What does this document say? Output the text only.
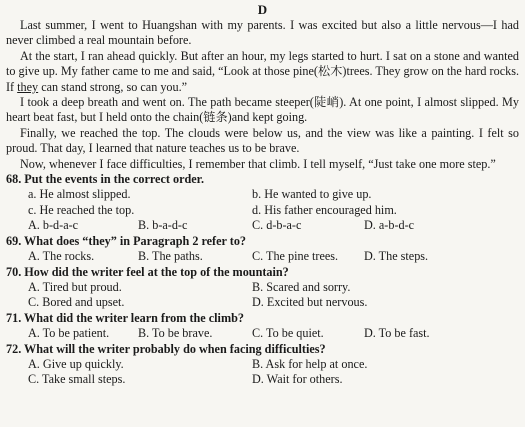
D

Last summer, I went to Huangshan with my parents. I was excited but also a little nervous—I had never climbed a real mountain before.

At the start, I ran ahead quickly. But after an hour, my legs started to hurt. I sat on a stone and wanted to give up. My father came to me and said, “Look at those pine(松木)trees. They grow on the hard rocks. If they can stand strong, so can you.”

I took a deep breath and went on. The path became steeper(陡峭). At one point, I almost slipped. My heart beat fast, but I held onto the chain(链条)and kept going.

Finally, we reached the top. The clouds were below us, and the view was like a painting. I felt so proud. That day, I learned that nature teaches us to be brave.

Now, whenever I face difficulties, I remember that climb. I tell myself, “Just take one more step.”

68. Put the events in the correct order.

a. He almost slipped.	b. He wanted to give up.
c. He reached the top.	d. His father encouraged him.
A. b-d-a-c	B. b-a-d-c	C. d-b-a-c	D. a-b-d-c

69. What does “they” in Paragraph 2 refer to?

A. The rocks.	B. The paths.	C. The pine trees.	D. The steps.

70. How did the writer feel at the top of the mountain?

A. Tired but proud.	B. Scared and sorry.
C. Bored and upset.	D. Excited but nervous.

71. What did the writer learn from the climb?

A. To be patient.	B. To be brave.	C. To be quiet.	D. To be fast.

72. What will the writer probably do when facing difficulties?

A. Give up quickly.	B. Ask for help at once.
C. Take small steps.	D. Wait for others.
